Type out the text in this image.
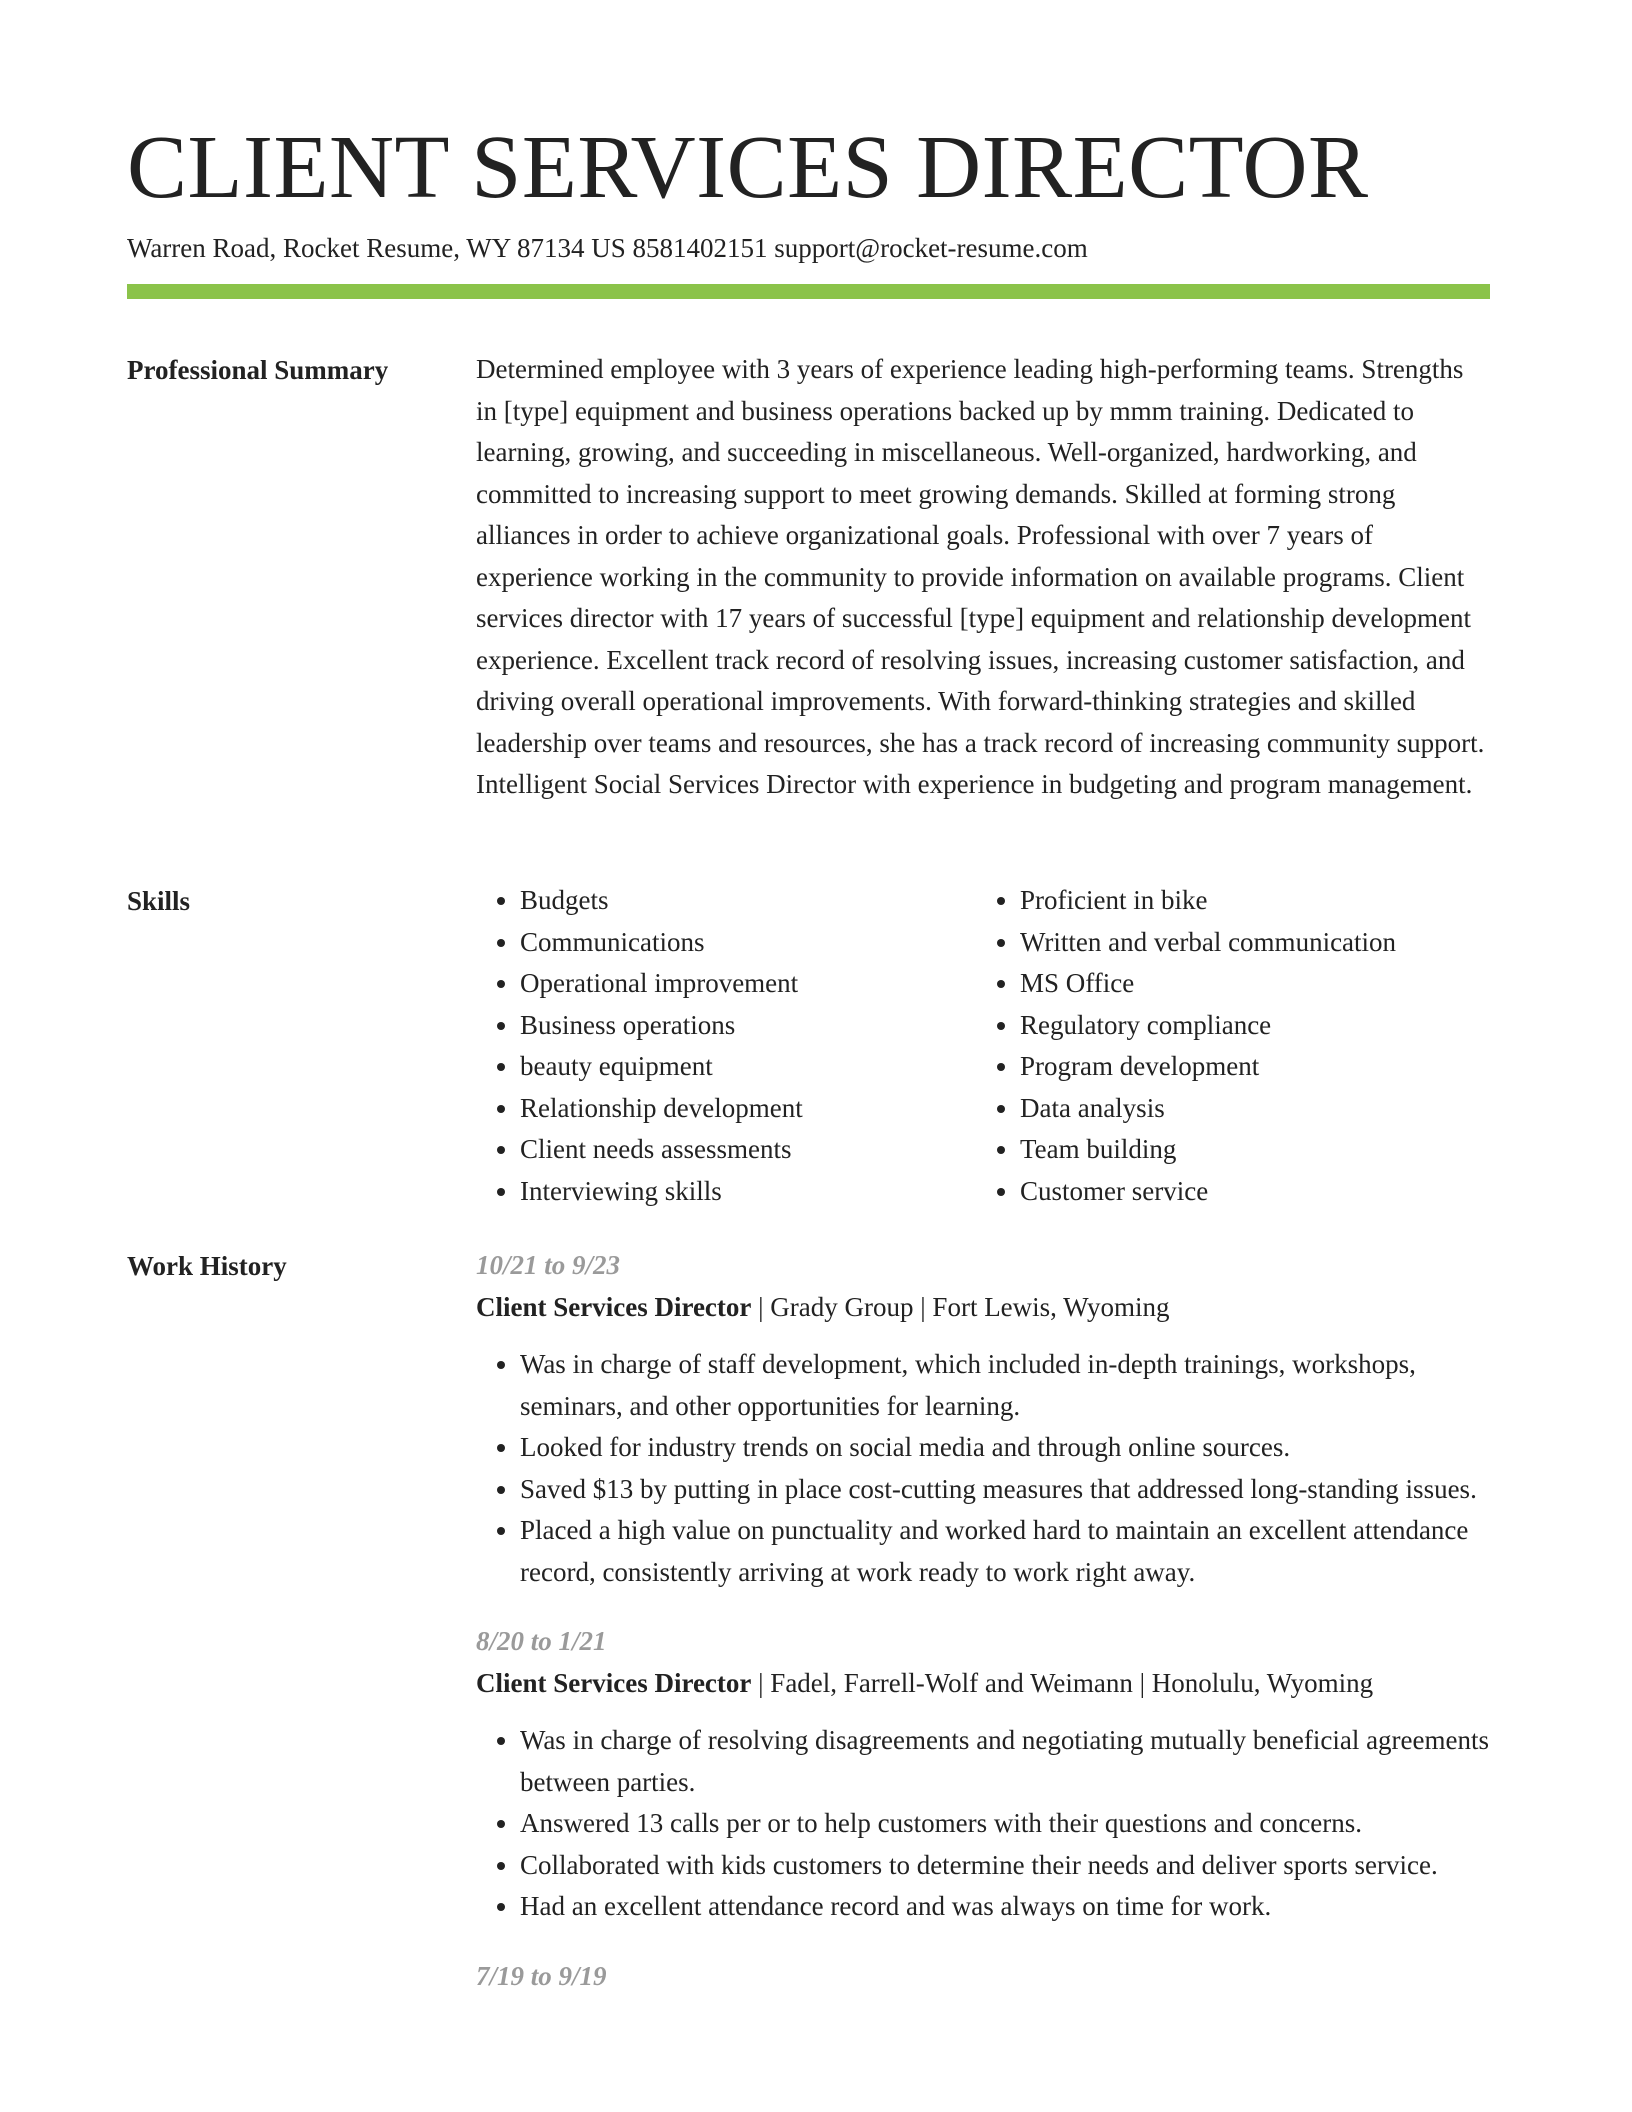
CLIENT SERVICES DIRECTOR
Warren Road, Rocket Resume, WY 87134 US 8581402151 support@rocket-resume.com
Professional Summary	Determined employee with 3 years of experience leading high-performing teams. Strengths in [type] equipment and business operations backed up by mmm training. Dedicated to learning, growing, and succeeding in miscellaneous. Well-organized, hardworking, and committed to increasing support to meet growing demands. Skilled at forming strong alliances in order to achieve organizational goals. Professional with over 7 years of experience working in the community to provide information on available programs. Client services director with 17 years of successful [type] equipment and relationship development experience. Excellent track record of resolving issues, increasing customer satisfaction, and driving overall operational improvements. With forward-thinking strategies and skilled leadership over teams and resources, she has a track record of increasing community support. Intelligent Social Services Director with experience in budgeting and program management.

Skills
•	Budgets
• Communications
• Operational improvement
• Business operations
• beauty equipment
• Relationship development
• Client needs assessments
• Interviewing skills
• Proficient in bike
• Written and verbal communication
• MS Office
• Regulatory compliance
• Program development
• Data analysis
• Team building
• Customer service
Work History	10/21 to 9/23
Client Services Director | Grady Group | Fort Lewis, Wyoming
• Was in charge of staff development, which included in-depth trainings, workshops, seminars, and other opportunities for learning.
• Looked for industry trends on social media and through online sources.
• Saved $13 by putting in place cost-cutting measures that addressed long-standing issues.
• Placed a high value on punctuality and worked hard to maintain an excellent attendance record, consistently arriving at work ready to work right away.
8/20 to 1/21
Client Services Director | Fadel, Farrell-Wolf and Weimann | Honolulu, Wyoming
• Was in charge of resolving disagreements and negotiating mutually beneficial agreements between parties.
• Answered 13 calls per or to help customers with their questions and concerns.
• Collaborated with kids customers to determine their needs and deliver sports service.
• Had an excellent attendance record and was always on time for work.
7/19 to 9/19
